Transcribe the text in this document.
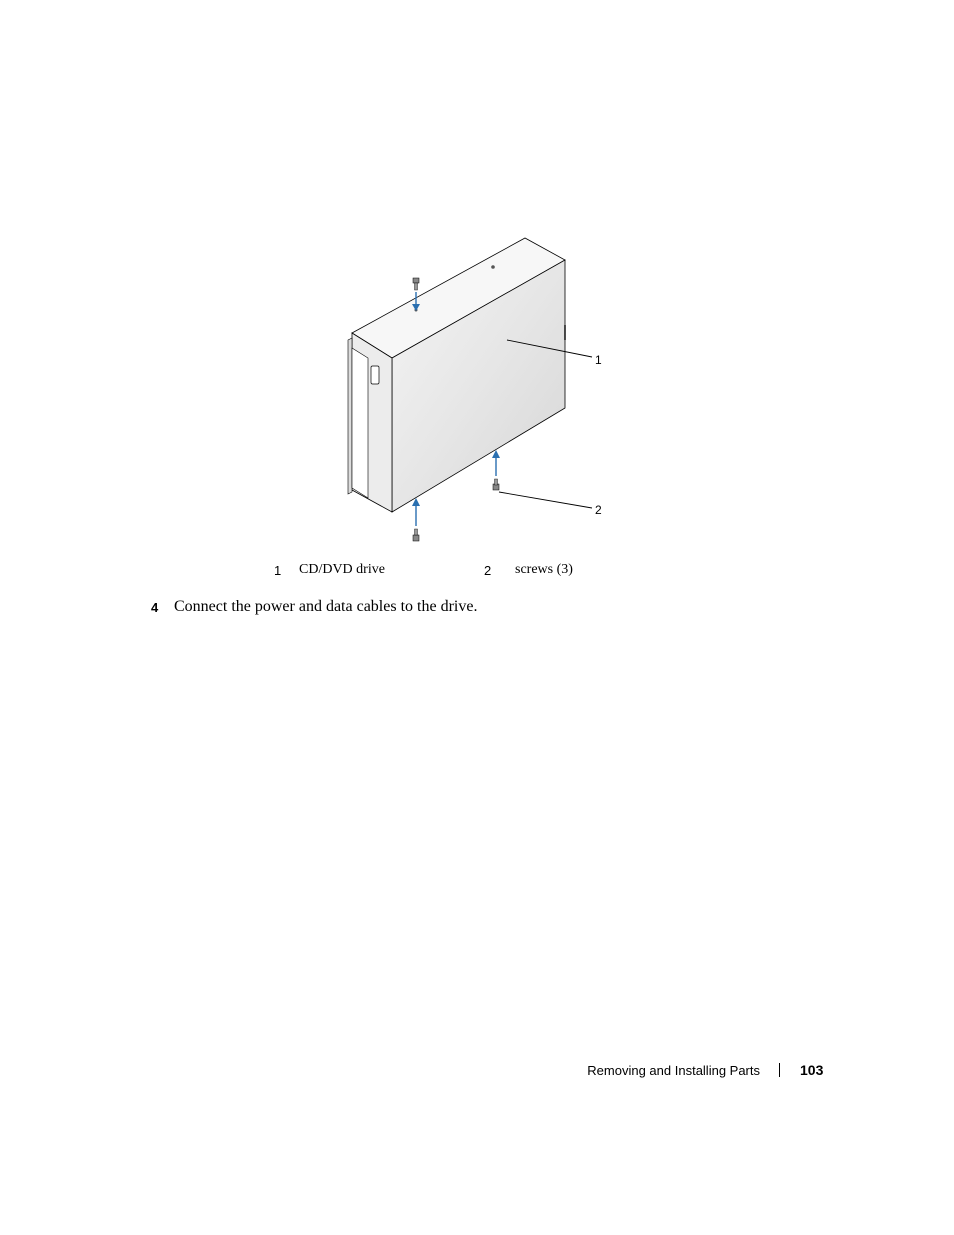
1
2
1 CD/DVD drive	2 screws (3)
4 Connect the power and data cables to the drive.
Removing and Installing Parts	103
